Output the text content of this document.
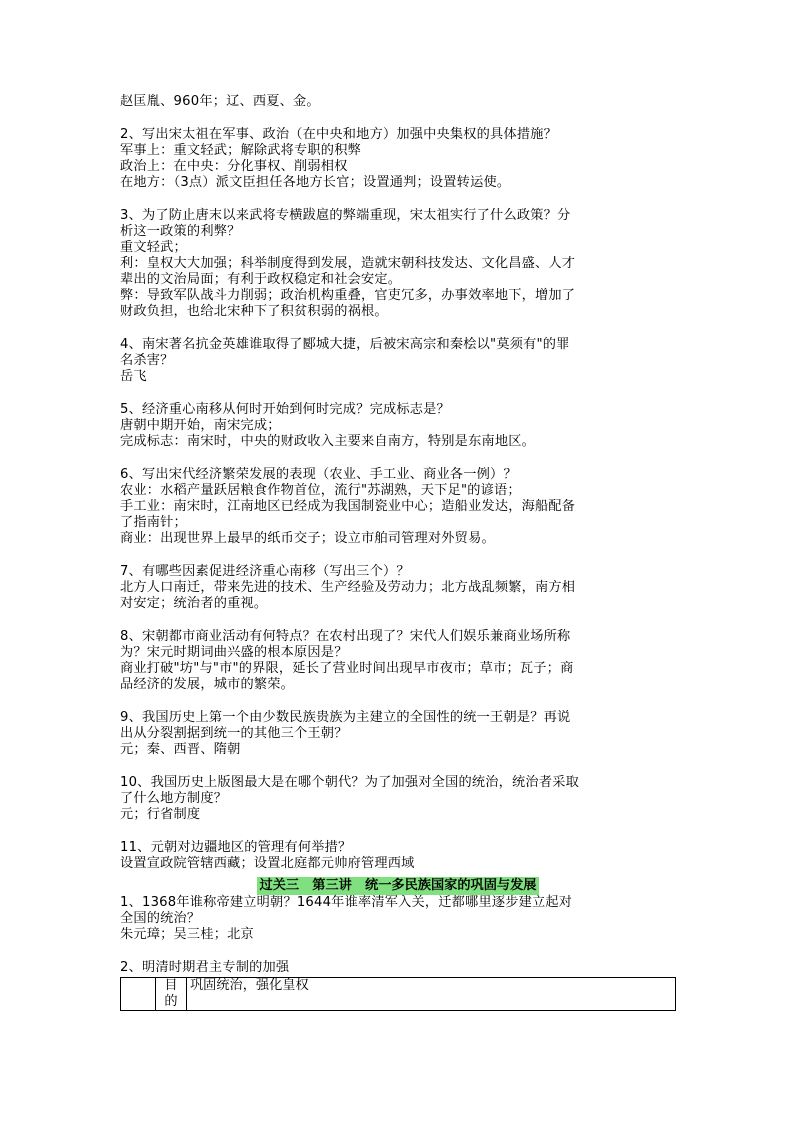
赵匡胤、960年；辽、西夏、金。
2、写出宋太祖在军事、政治（在中央和地方）加强中央集权的具体措施？
军事上：重文轻武；解除武将专职的积弊
政治上：在中央：分化事权、削弱相权
在地方：（3点）派文臣担任各地方长官；设置通判；设置转运使。
3、为了防止唐末以来武将专横跋扈的弊端重现，宋太祖实行了什么政策？分
析这一政策的利弊？
重文轻武；
利：皇权大大加强；科举制度得到发展，造就宋朝科技发达、文化昌盛、人才
辈出的文治局面；有利于政权稳定和社会安定。
弊：导致军队战斗力削弱；政治机构重叠，官吏冗多，办事效率地下，增加了
财政负担，也给北宋种下了积贫积弱的祸根。
4、南宋著名抗金英雄谁取得了郾城大捷，后被宋高宗和秦桧以"莫须有"的罪
名杀害？
岳飞
5、经济重心南移从何时开始到何时完成？完成标志是？
唐朝中期开始，南宋完成；
完成标志：南宋时，中央的财政收入主要来自南方，特别是东南地区。
6、写出宋代经济繁荣发展的表现（农业、手工业、商业各一例）？
农业：水稻产量跃居粮食作物首位，流行"苏湖熟，天下足"的谚语；
手工业：南宋时，江南地区已经成为我国制瓷业中心；造船业发达，海船配备
了指南针；
商业：出现世界上最早的纸币交子；设立市舶司管理对外贸易。
7、有哪些因素促进经济重心南移（写出三个）？
北方人口南迁，带来先进的技术、生产经验及劳动力；北方战乱频繁，南方相
对安定；统治者的重视。
8、宋朝都市商业活动有何特点？在农村出现了？宋代人们娱乐兼商业场所称
为？宋元时期词曲兴盛的根本原因是？
商业打破"坊"与"市"的界限，延长了营业时间出现早市夜市；草市；瓦子；商
品经济的发展，城市的繁荣。
9、我国历史上第一个由少数民族贵族为主建立的全国性的统一王朝是？再说
出从分裂割据到统一的其他三个王朝？
元；秦、西晋、隋朝
10、我国历史上版图最大是在哪个朝代？为了加强对全国的统治，统治者采取
了什么地方制度？
元；行省制度
11、元朝对边疆地区的管理有何举措？
设置宣政院管辖西藏；设置北庭都元帅府管理西域
过关三　第三讲　统一多民族国家的巩固与发展
1、1368年谁称帝建立明朝？1644年谁率清军入关，迁都哪里逐步建立起对
全国的统治？
朱元璋；吴三桂；北京
2、明清时期君主专制的加强

目的
	巩固统治，强化皇权
